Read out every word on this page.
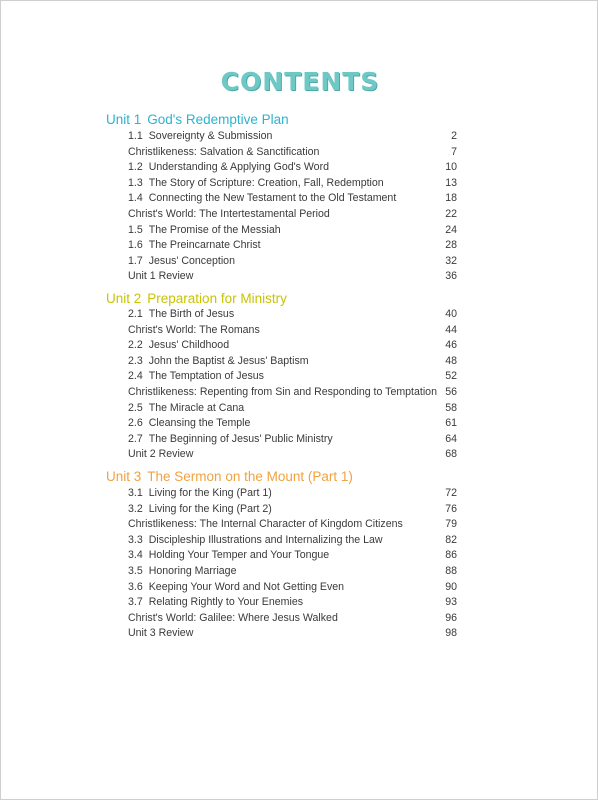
CONTENTS
Unit 1 God's Redemptive Plan
1.1 Sovereignty & Submission	2
Christlikeness: Salvation & Sanctification	7
1.2 Understanding & Applying God's Word	10
1.3 The Story of Scripture: Creation, Fall, Redemption	13
1.4 Connecting the New Testament to the Old Testament	18
Christ's World: The Intertestamental Period	22
1.5 The Promise of the Messiah	24
1.6 The Preincarnate Christ	28
1.7 Jesus' Conception	32
Unit 1 Review	36
Unit 2 Preparation for Ministry
2.1 The Birth of Jesus	40
Christ's World: The Romans	44
2.2 Jesus' Childhood	46
2.3 John the Baptist & Jesus' Baptism	48
2.4 The Temptation of Jesus	52
Christlikeness: Repenting from Sin and Responding to Temptation 56
2.5 The Miracle at Cana	58
2.6 Cleansing the Temple	61
2.7 The Beginning of Jesus' Public Ministry	64
Unit 2 Review	68
Unit 3 The Sermon on the Mount (Part 1)
3.1 Living for the King (Part 1)	72
3.2 Living for the King (Part 2)	76
Christlikeness: The Internal Character of Kingdom Citizens	79
3.3 Discipleship Illustrations and Internalizing the Law	82
3.4 Holding Your Temper and Your Tongue	86
3.5 Honoring Marriage	88
3.6 Keeping Your Word and Not Getting Even	90
3.7 Relating Rightly to Your Enemies	93
Christ's World: Galilee: Where Jesus Walked	96
Unit 3 Review	98
